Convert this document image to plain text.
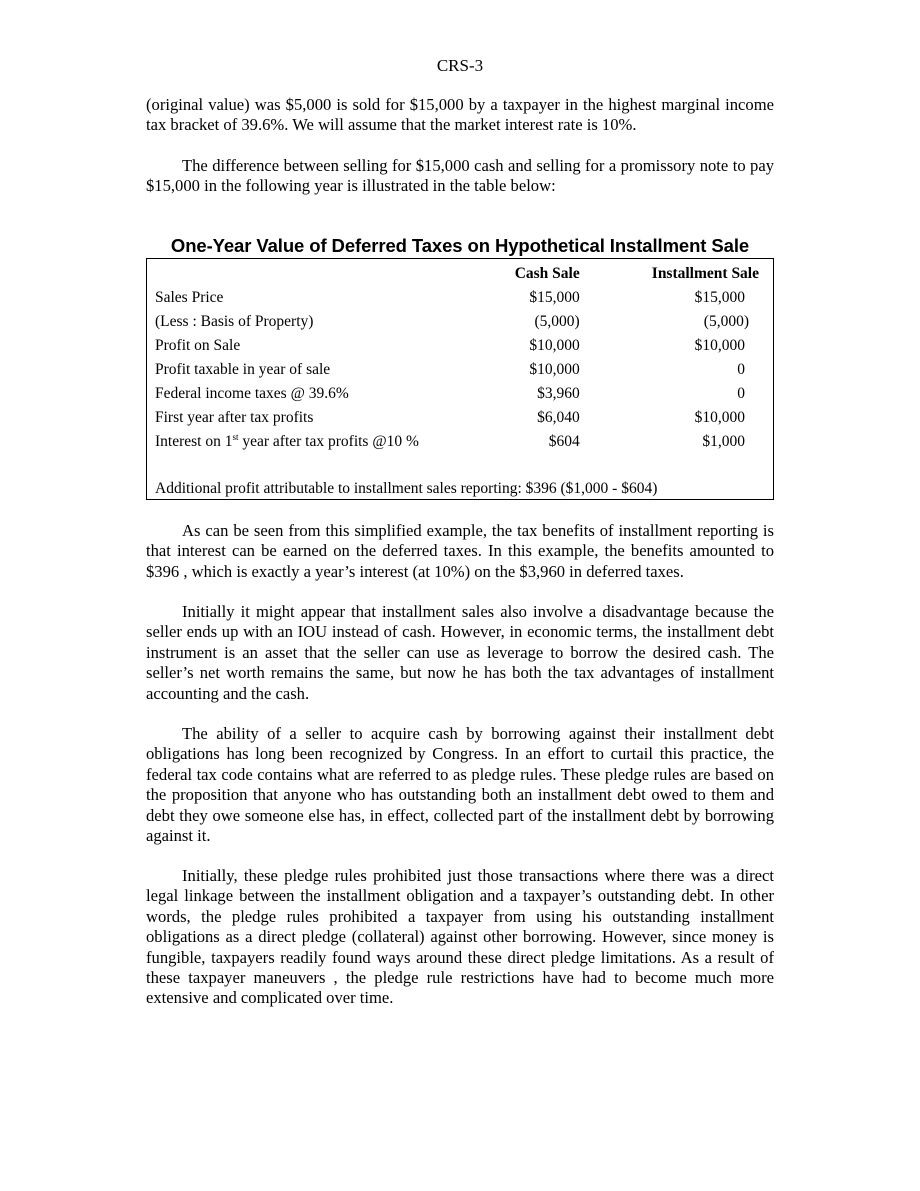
CRS-3

(original value) was $5,000 is sold for $15,000 by a taxpayer in the highest marginal income tax bracket of 39.6%. We will assume that the market interest rate is 10%.

The difference between selling for $15,000 cash and selling for a promissory note to pay $15,000 in the following year is illustrated in the table below:

One-Year Value of Deferred Taxes on Hypothetical Installment Sale
	Cash Sale		Installment Sale
Sales Price	$15,000		$15,000
(Less : Basis of Property)	(5,000)		(5,000)
Profit on Sale	$10,000		$10,000
Profit taxable in year of sale	$10,000		0
Federal income taxes @ 39.6%	$3,960		0
First year after tax profits	$6,040		$10,000
Interest on 1st year after tax profits @10 %	$604		$1,000
Additional profit attributable to installment sales reporting: $396 ($1,000 - $604)

As can be seen from this simplified example, the tax benefits of installment reporting is that interest can be earned on the deferred taxes. In this example, the benefits amounted to $396 , which is exactly a year’s interest (at 10%) on the $3,960 in deferred taxes.

Initially it might appear that installment sales also involve a disadvantage because the seller ends up with an IOU instead of cash. However, in economic terms, the installment debt instrument is an asset that the seller can use as leverage to borrow the desired cash. The seller’s net worth remains the same, but now he has both the tax advantages of installment accounting and the cash.

The ability of a seller to acquire cash by borrowing against their installment debt obligations has long been recognized by Congress. In an effort to curtail this practice, the federal tax code contains what are referred to as pledge rules. These pledge rules are based on the proposition that anyone who has outstanding both an installment debt owed to them and debt they owe someone else has, in effect, collected part of the installment debt by borrowing against it.

Initially, these pledge rules prohibited just those transactions where there was a direct legal linkage between the installment obligation and a taxpayer’s outstanding debt. In other words, the pledge rules prohibited a taxpayer from using his outstanding installment obligations as a direct pledge (collateral) against other borrowing. However, since money is fungible, taxpayers readily found ways around these direct pledge limitations. As a result of these taxpayer maneuvers , the pledge rule restrictions have had to become much more extensive and complicated over time.
